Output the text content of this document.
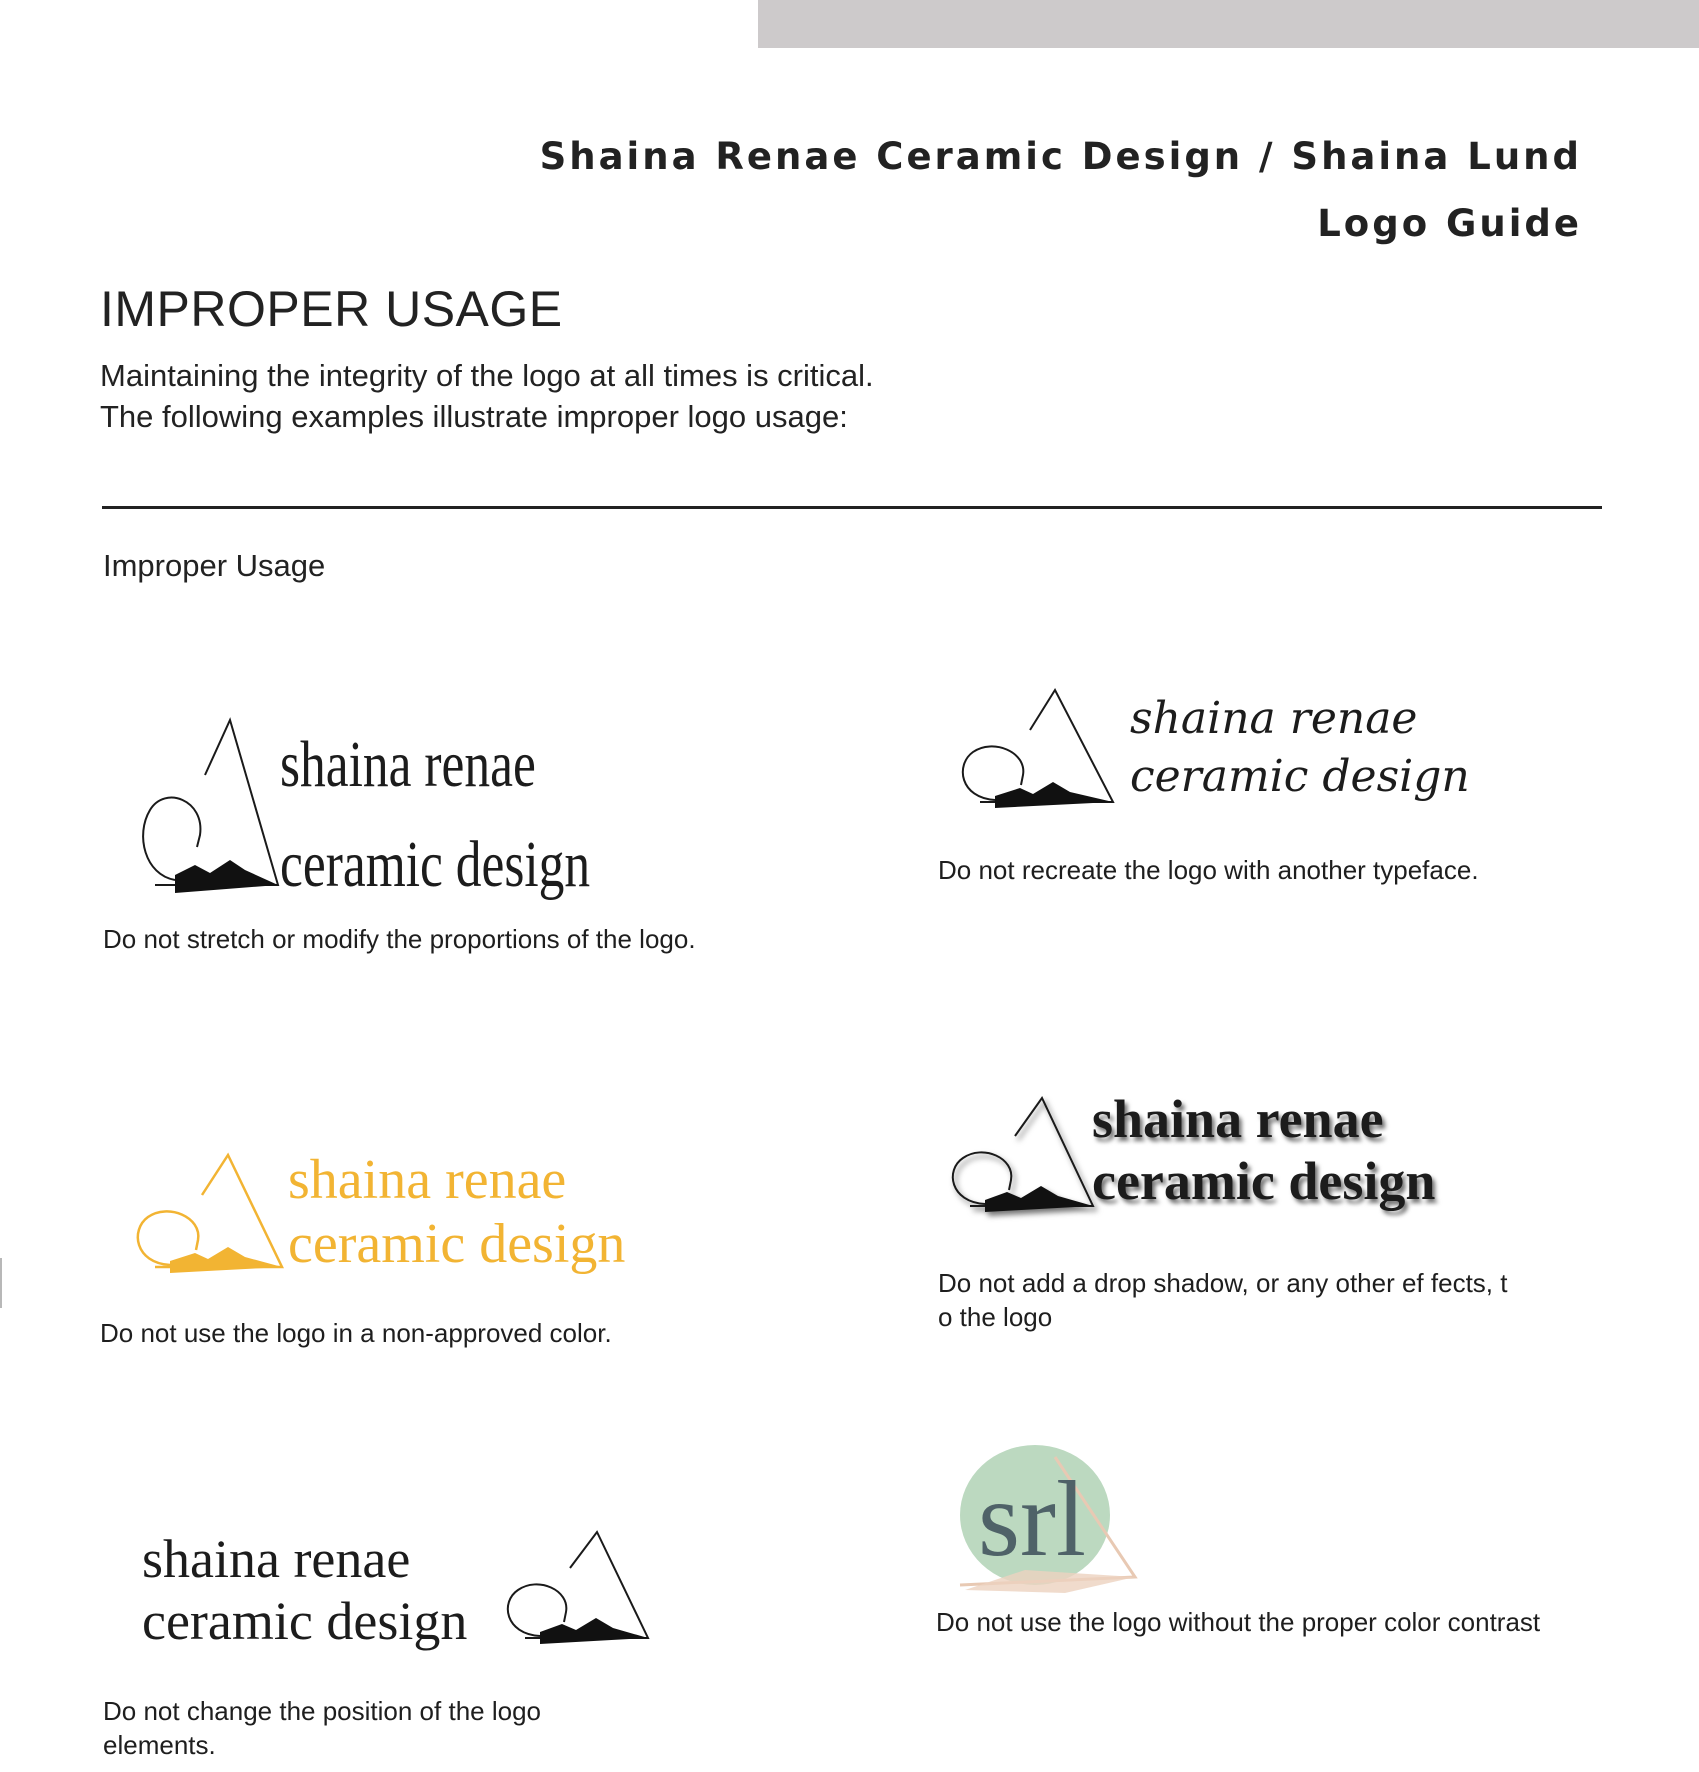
Shaina Renae Ceramic Design / Shaina Lund
Logo Guide
IMPROPER USAGE
Maintaining the integrity of the logo at all times is critical.
The following examples illustrate improper logo usage:
Improper Usage
shaina renae
ceramic design
Do not stretch or modify the proportions of the logo.
shaina renae
ceramic design
Do not recreate the logo with another typeface.
shaina renae
ceramic design
Do not use the logo in a non-approved color.
shaina renae
ceramic design
Do not add a drop shadow, or any other ef fects, t
o the logo
shaina renae
ceramic design
Do not change the position of the logo
elements.
srl
Do not use the logo without the proper color contrast
